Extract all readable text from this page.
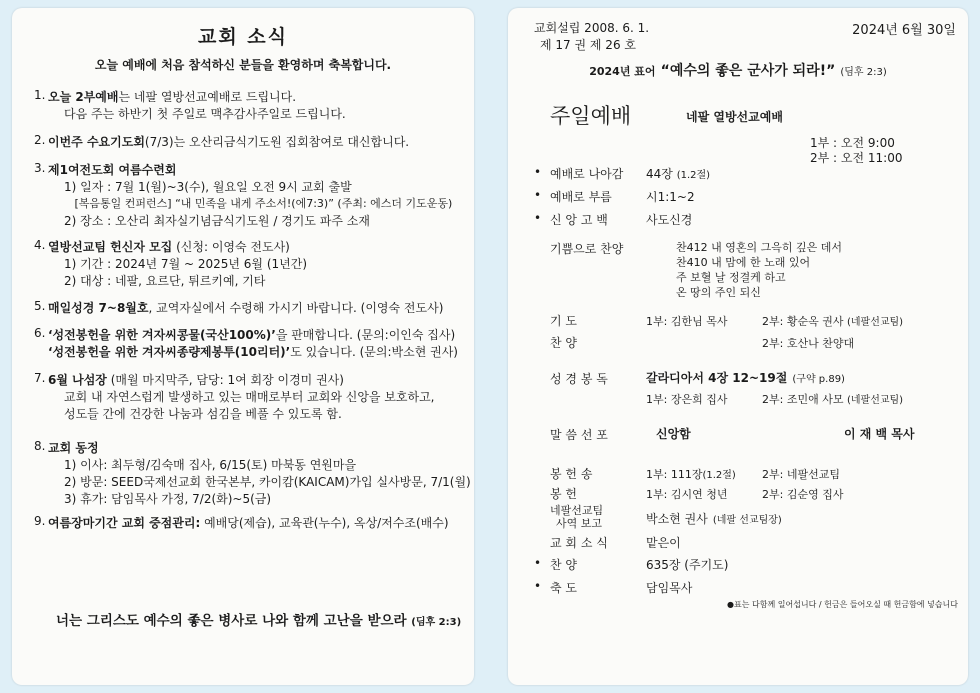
교회 소식
오늘 예배에 처음 참석하신 분들을 환영하며 축복합니다.
1. 오늘 2부예배는 네팔 열방선교예배로 드립니다.
다음 주는 하반기 첫 주일로 맥추감사주일로 드립니다.
2. 이번주 수요기도회(7/3)는 오산리금식기도원 집회참여로 대신합니다.
3. 제1여전도회 여름수련회
1) 일자 : 7월 1(월)~3(수), 월요일 오전 9시 교회 출발
[복음통일 컨퍼런스] “내 민족을 내게 주소서!(에7:3)” (주최: 에스더 기도운동)
2) 장소 : 오산리 최자실기념금식기도원 / 경기도 파주 소재
4. 열방선교팀 헌신자 모집 (신청: 이영숙 전도사)
1) 기간 : 2024년 7월 ~ 2025년 6월 (1년간)
2) 대상 : 네팔, 요르단, 튀르키예, 기타
5. 매일성경 7~8월호, 교역자실에서 수령해 가시기 바랍니다. (이영숙 전도사)
6. ‘성전봉헌을 위한 겨자씨콩물(국산100%)’을 판매합니다. (문의:이인숙 집사)
‘성전봉헌을 위한 겨자씨종량제봉투(10리터)’도 있습니다. (문의:박소현 권사)
7. 6월 나섬장 (매월 마지막주, 담당: 1여 회장 이경미 권사)
교회 내 자연스럽게 발생하고 있는 매매로부터 교회와 신앙을 보호하고,
성도들 간에 건강한 나눔과 섬김을 베풀 수 있도록 함.
8. 교회 동정
1) 이사: 최두형/김숙매 집사, 6/15(토) 마북동 연원마을
2) 방문: SEED국제선교회 한국본부, 카이캄(KAICAM)가입 실사방문, 7/1(월)
3) 휴가: 담임목사 가정, 7/2(화)~5(금)
9. 여름장마기간 교회 중점관리: 예배당(제습), 교육관(누수), 옥상/저수조(배수)
너는 그리스도 예수의 좋은 병사로 나와 함께 고난을 받으라 (딤후 2:3)
교회설립 2008. 6. 1.
제 17 권 제 26 호
2024년 6월 30일
2024년 표어 “예수의 좋은 군사가 되라!” (딤후 2:3)
주일예배	네팔 열방선교예배
1부 : 오전 9:00
2부 : 오전 11:00
• 예배로 나아감 44장 (1.2절)
• 예배로 부름	시1:1~2
• 신 앙 고 백	사도신경
기쁨으로 찬양	찬412 내 영혼의 그윽히 깊은 데서
찬410 내 맘에 한 노래 있어
주 보혈 날 정결케 하고
온 땅의 주인 되신
기 도	1부: 김한님 목사	2부: 황순옥 권사 (네팔선교팀)
찬 양	2부: 호산나 찬양대
성 경 봉 독	갈라디아서 4장 12~19절 (구약 p.89)
1부: 장은희 집사	2부: 조민애 사모 (네팔선교팀)
말 씀 선 포	신앙함	이 재 백 목사
봉 헌 송	1부: 111장(1.2절) 2부: 네팔선교팀
봉 헌	1부: 김시연 청년	2부: 김순영 집사
네팔선교팀
사역 보고	박소현 권사 (네팔 선교팀장)
교 회 소 식	맡은이
• 찬 양	635장 (주기도)
• 축 도	담임목사
●표는 다함께 일어섭니다 / 헌금은 들어오실 때 헌금함에 넣습니다
